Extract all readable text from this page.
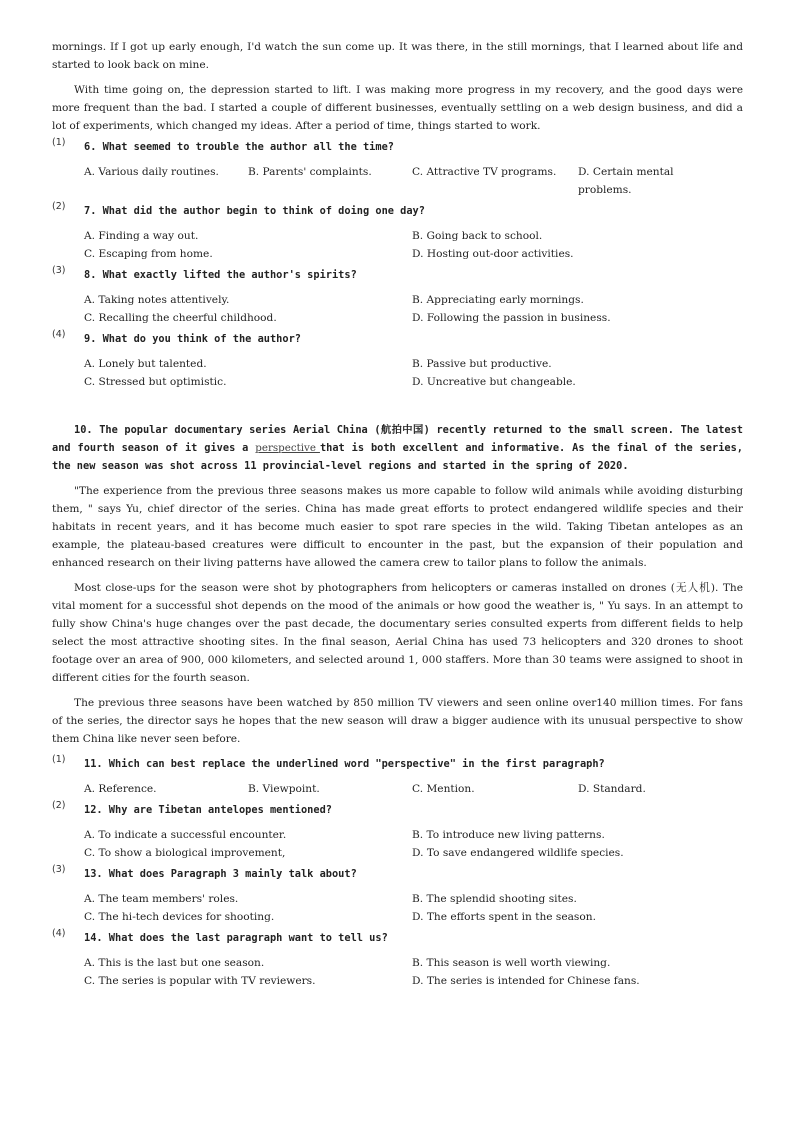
mornings. If I got up early enough, I'd watch the sun come up. It was there, in the still mornings, that I learned about life and started to look back on mine.

With time going on, the depression started to lift. I was making more progress in my recovery, and the good days were more frequent than the bad. I started a couple of different businesses, eventually settling on a web design business, and did a lot of experiments, which changed my ideas. After a period of time, things started to work.

(1) 6. What seemed to trouble the author all the time?
A. Various daily routines.	B. Parents' complaints.	C. Attractive TV programs. D. Certain mental problems.
(2) 7. What did the author begin to think of doing one day?
A. Finding a way out.	B. Going back to school.
C. Escaping from home.	D. Hosting out-door activities.
(3) 8. What exactly lifted the author's spirits?
A. Taking notes attentively.	B. Appreciating early mornings.
C. Recalling the cheerful childhood.	D. Following the passion in business.
(4) 9. What do you think of the author?
A. Lonely but talented.	B. Passive but productive.
C. Stressed but optimistic.	D. Uncreative but changeable.

10. The popular documentary series Aerial China (航拍中国) recently returned to the small screen. The latest and fourth season of it gives a perspective that is both excellent and informative. As the final of the series, the new season was shot across 11 provincial-level regions and started in the spring of 2020.

"The experience from the previous three seasons makes us more capable to follow wild animals while avoiding disturbing them, " says Yu, chief director of the series. China has made great efforts to protect endangered wildlife species and their habitats in recent years, and it has become much easier to spot rare species in the wild. Taking Tibetan antelopes as an example, the plateau-based creatures were difficult to encounter in the past, but the expansion of their population and enhanced research on their living patterns have allowed the camera crew to tailor plans to follow the animals.

Most close-ups for the season were shot by photographers from helicopters or cameras installed on drones (无人机). The vital moment for a successful shot depends on the mood of the animals or how good the weather is, " Yu says. In an attempt to fully show China's huge changes over the past decade, the documentary series consulted experts from different fields to help select the most attractive shooting sites. In the final season, Aerial China has used 73 helicopters and 320 drones to shoot footage over an area of 900, 000 kilometers, and selected around 1, 000 staffers. More than 30 teams were assigned to shoot in different cities for the fourth season.

The previous three seasons have been watched by 850 million TV viewers and seen online over140 million times. For fans of the series, the director says he hopes that the new season will draw a bigger audience with its unusual perspective to show them China like never seen before.

(1) 11. Which can best replace the underlined word "perspective" in the first paragraph?
A. Reference.	B. Viewpoint.	C. Mention.	D. Standard.
(2) 12. Why are Tibetan antelopes mentioned?
A. To indicate a successful encounter.	B. To introduce new living patterns.
C. To show a biological improvement,	D. To save endangered wildlife species.
(3) 13. What does Paragraph 3 mainly talk about?
A. The team members' roles.	B. The splendid shooting sites.
C. The hi-tech devices for shooting.	D. The efforts spent in the season.
(4) 14. What does the last paragraph want to tell us?
A. This is the last but one season.	B. This season is well worth viewing.
C. The series is popular with TV reviewers.	D. The series is intended for Chinese fans.
